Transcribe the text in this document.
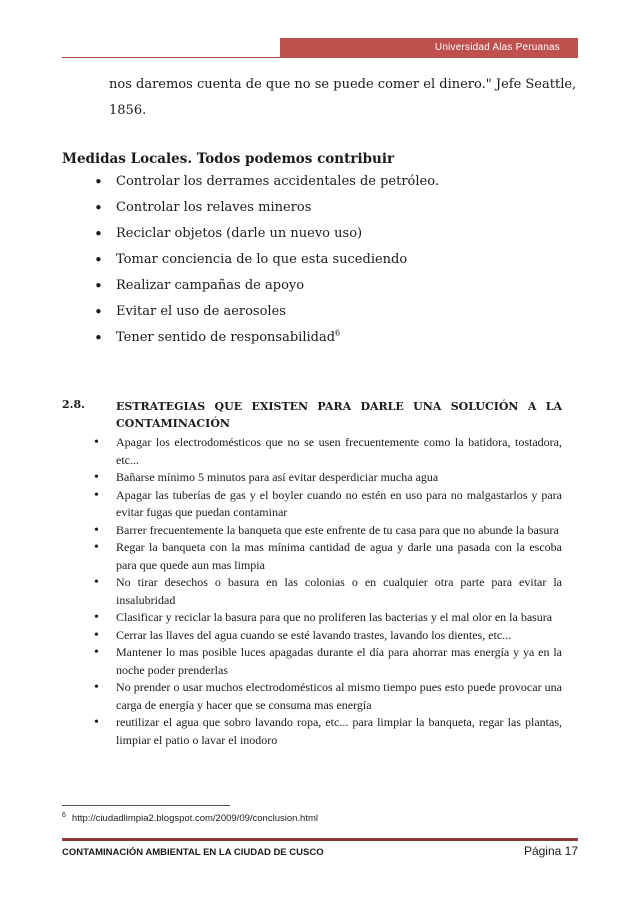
Universidad Alas Peruanas

nos daremos cuenta de que no se puede comer el dinero." Jefe Seattle, 1856.

Medidas Locales. Todos podemos contribuir
• Controlar los derrames accidentales de petróleo.
• Controlar los relaves mineros
• Reciclar objetos (darle un nuevo uso)
• Tomar conciencia de lo que esta sucediendo
• Realizar campañas de apoyo
• Evitar el uso de aerosoles
• Tener sentido de responsabilidad$^6$
2.8.	ESTRATEGIAS QUE EXISTEN PARA DARLE UNA SOLUCIÓN A LA
CONTAMINACIÓN
• Apagar los electrodomésticos que no se usen frecuentemente como la batidora, tostadora, etc...
• Bañarse mínimo 5 minutos para así evitar desperdiciar mucha agua
• Apagar las tuberías de gas y el boyler cuando no estén en uso para no malgastarlos y para evitar fugas que puedan contaminar
• Barrer frecuentemente la banqueta que este enfrente de tu casa para que no abunde la basura
• Regar la banqueta con la mas mínima cantidad de agua y darle una pasada con la escoba para que quede aun mas limpia
• No tirar desechos o basura en las colonias o en cualquier otra parte para evitar la insalubridad
• Clasificar y reciclar la basura para que no proliferen las bacterias y el mal olor en la basura
• Cerrar las llaves del agua cuando se esté lavando trastes, lavando los dientes, etc...
• Mantener lo mas posible luces apagadas durante el día para ahorrar mas energía y ya en la noche poder prenderlas
• No prender o usar muchos electrodomésticos al mismo tiempo pues esto puede provocar una carga de energía y hacer que se consuma mas energía
• reutilizar el agua que sobro lavando ropa, etc... para limpiar la banqueta, regar las plantas, limpiar el patio o lavar el inodoro
$^6$ http://ciudadlimpia2.blogspot.com/2009/09/conclusion.html
CONTAMINACIÓN AMBIENTAL EN LA CIUDAD DE CUSCO	Página 17
